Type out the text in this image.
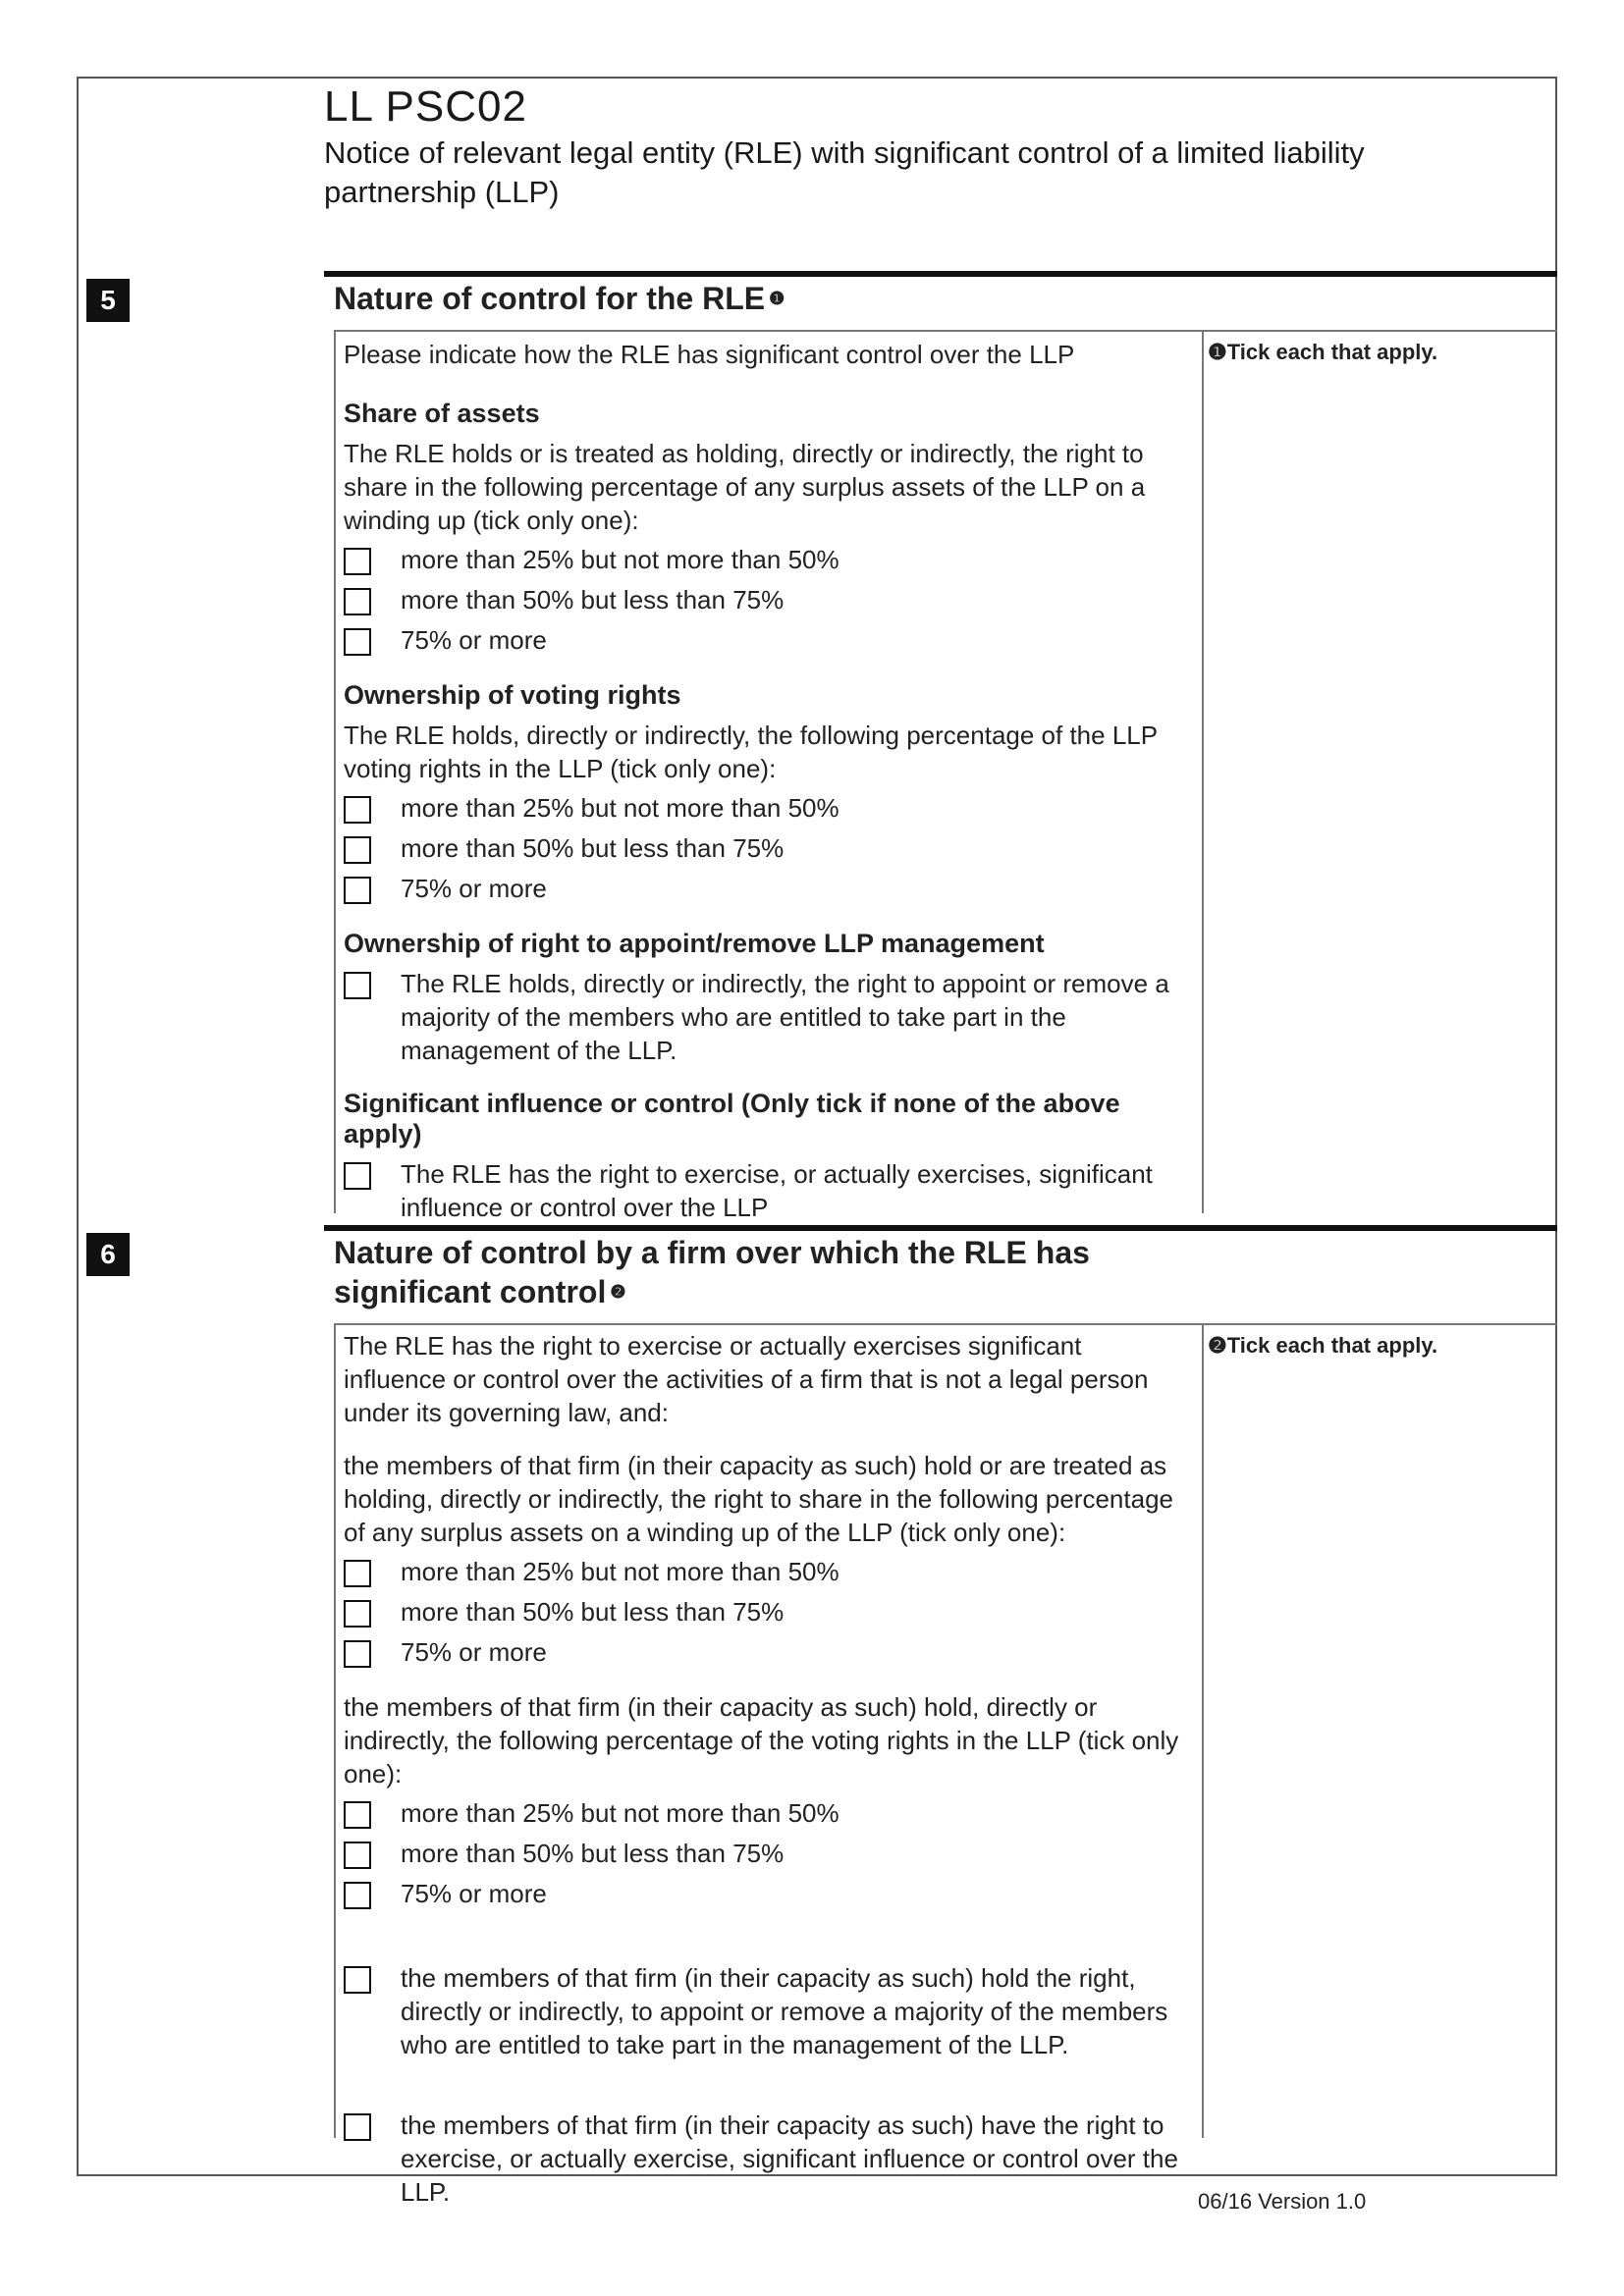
LL PSC02
Notice of relevant legal entity (RLE) with significant control of a limited liability partnership (LLP)
5	Nature of control for the RLE $^❶$
❶Tick each that apply.
Please indicate how the RLE has significant control over the LLP
Share of assets
The RLE holds or is treated as holding, directly or indirectly, the right to share in the following percentage of any surplus assets of the LLP on a winding up (tick only one):
more than 25% but not more than 50%
more than 50% but less than 75%
75% or more
Ownership of voting rights
The RLE holds, directly or indirectly, the following percentage of the LLP voting rights in the LLP (tick only one):
more than 25% but not more than 50%
more than 50% but less than 75%
75% or more
Ownership of right to appoint/remove LLP management
The RLE holds, directly or indirectly, the right to appoint or remove a majority of the members who are entitled to take part in the management of the LLP.
Significant influence or control (Only tick if none of the above apply)
The RLE has the right to exercise, or actually exercises, significant influence or control over the LLP
6	Nature of control by a firm over which the RLE has
significant control $^❷$
❷Tick each that apply.
The RLE has the right to exercise or actually exercises significant influence or control over the activities of a firm that is not a legal person under its governing law, and:
the members of that firm (in their capacity as such) hold or are treated as holding, directly or indirectly, the right to share in the following percentage of any surplus assets on a winding up of the LLP (tick only one):
more than 25% but not more than 50%
more than 50% but less than 75%
75% or more
the members of that firm (in their capacity as such) hold, directly or indirectly, the following percentage of the voting rights in the LLP (tick only one):
more than 25% but not more than 50%
more than 50% but less than 75%
75% or more
the members of that firm (in their capacity as such) hold the right, directly or indirectly, to appoint or remove a majority of the members who are entitled to take part in the management of the LLP.
the members of that firm (in their capacity as such) have the right to exercise, or actually exercise, significant influence or control over the LLP.	06/16 Version 1.0
